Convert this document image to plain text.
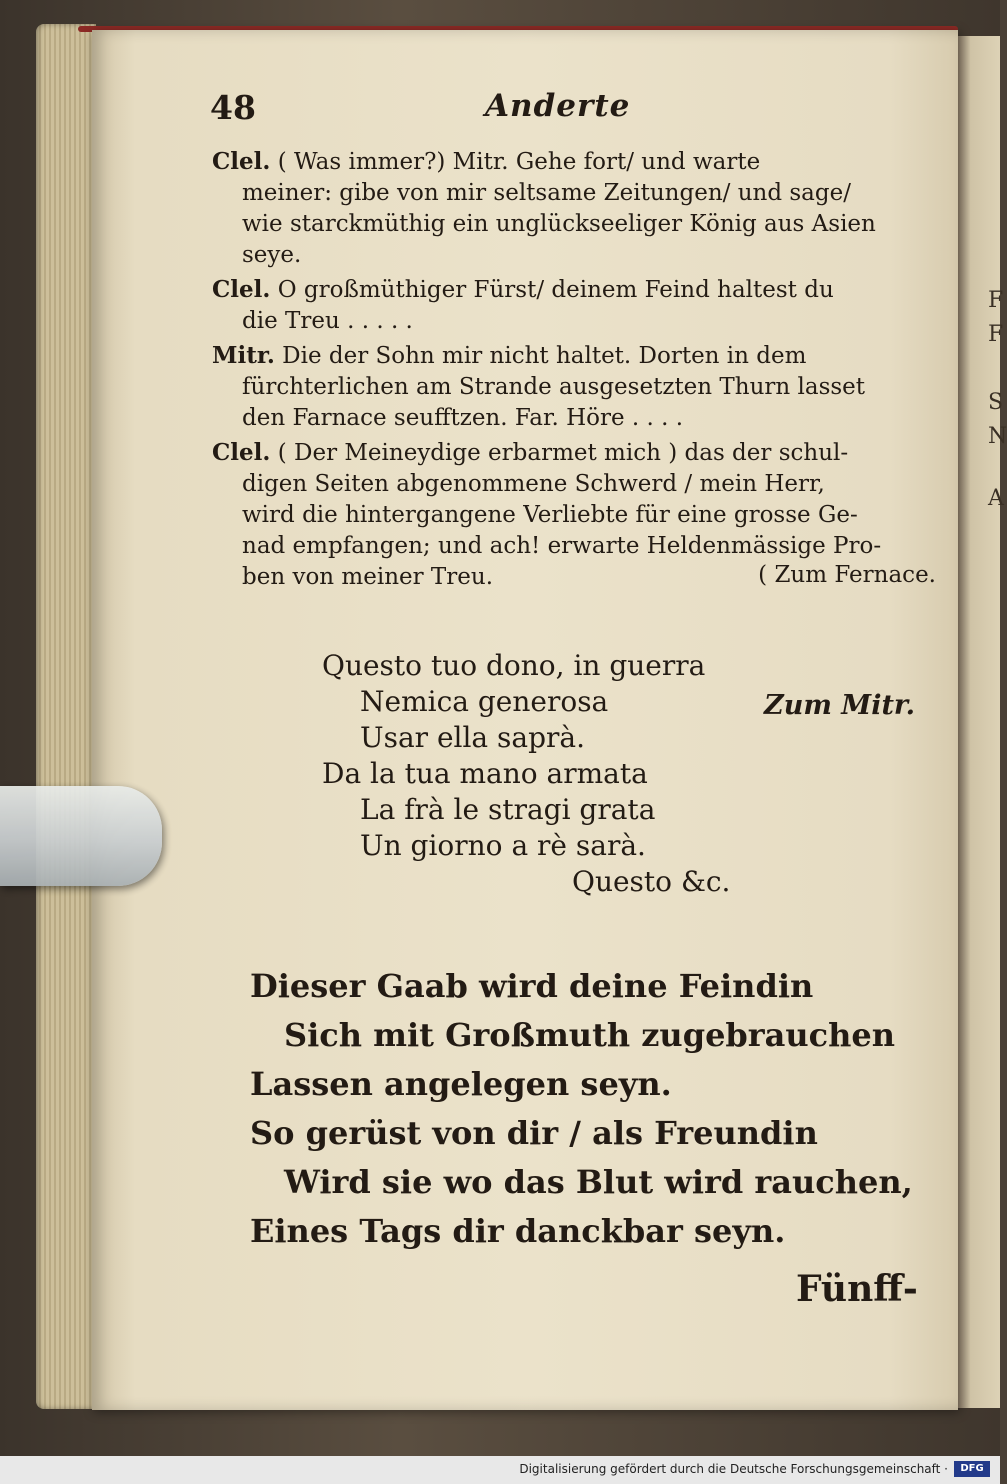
F
F
S
N
A
48	Anderte
Clel. ( Was immer?) Mitr. Gehe fort/ und warte
meiner: gibe von mir seltsame Zeitungen/ und sage/
wie starckmüthig ein unglückseeliger König aus Asien
seye.
Clel. O großmüthiger Fürst/ deinem Feind haltest du
die Treu . . . . .
Mitr. Die der Sohn mir nicht haltet. Dorten in dem
fürchterlichen am Strande ausgesetzten Thurn lasset
den Farnace seufftzen. Far. Höre . . . .
Clel. ( Der Meineydige erbarmet mich ) das der schul-
digen Seiten abgenommene Schwerd / mein Herr,
wird die hintergangene Verliebte für eine grosse Ge-
nad empfangen; und ach! erwarte Heldenmässige Pro-
ben von meiner Treu.	( Zum Fernace.
Questo tuo dono, in guerra
Nemica generosa
Usar ella saprà.
Da la tua mano armata
La frà le stragi grata
Un giorno a rè sarà.
Questo &c.
Zum Mitr.
Dieser Gaab wird deine Feindin
Sich mit Großmuth zugebrauchen
Lassen angelegen seyn.
So gerüst von dir / als Freundin
Wird sie wo das Blut wird rauchen,
Eines Tags dir danckbar seyn.
Fünff-
Digitalisierung gefördert durch die Deutsche Forschungsgemeinschaft ·	DFG
